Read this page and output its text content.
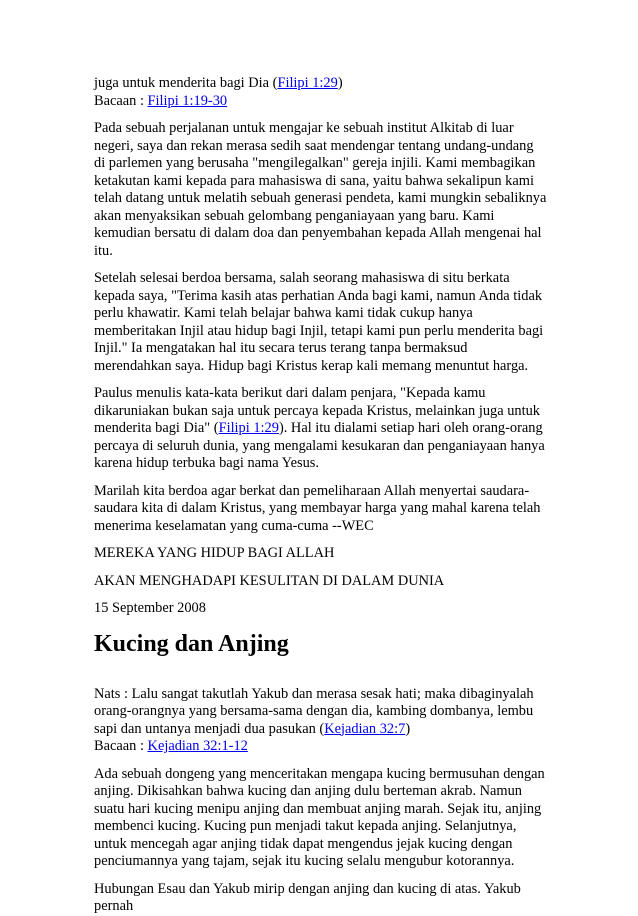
juga untuk menderita bagi Dia (Filipi 1:29)

Bacaan : Filipi 1:19-30

Pada sebuah perjalanan untuk mengajar ke sebuah institut Alkitab di luar negeri, saya dan rekan merasa sedih saat mendengar tentang undang-undang di parlemen yang berusaha "mengilegalkan" gereja injili. Kami membagikan ketakutan kami kepada para mahasiswa di sana, yaitu bahwa sekalipun kami telah datang untuk melatih sebuah generasi pendeta, kami mungkin sebaliknya akan menyaksikan sebuah gelombang penganiayaan yang baru. Kami kemudian bersatu di dalam doa dan penyembahan kepada Allah mengenai hal itu.

Setelah selesai berdoa bersama, salah seorang mahasiswa di situ berkata kepada saya, "Terima kasih atas perhatian Anda bagi kami, namun Anda tidak perlu khawatir. Kami telah belajar bahwa kami tidak cukup hanya memberitakan Injil atau hidup bagi Injil, tetapi kami pun perlu menderita bagi Injil." Ia mengatakan hal itu secara terus terang tanpa bermaksud merendahkan saya. Hidup bagi Kristus kerap kali memang menuntut harga.

Paulus menulis kata-kata berikut dari dalam penjara, "Kepada kamu dikaruniakan bukan saja untuk percaya kepada Kristus, melainkan juga untuk menderita bagi Dia" (Filipi 1:29). Hal itu dialami setiap hari oleh orang-orang percaya di seluruh dunia, yang mengalami kesukaran dan penganiayaan hanya karena hidup terbuka bagi nama Yesus.

Marilah kita berdoa agar berkat dan pemeliharaan Allah menyertai saudara-saudara kita di dalam Kristus, yang membayar harga yang mahal karena telah menerima keselamatan yang cuma-cuma --WEC

MEREKA YANG HIDUP BAGI ALLAH

AKAN MENGHADAPI KESULITAN DI DALAM DUNIA

15 September 2008

Kucing dan Anjing

Nats : Lalu sangat takutlah Yakub dan merasa sesak hati; maka dibaginyalah orang-orangnya yang bersama-sama dengan dia, kambing dombanya, lembu sapi dan untanya menjadi dua pasukan (Kejadian 32:7)

Bacaan : Kejadian 32:1-12

Ada sebuah dongeng yang menceritakan mengapa kucing bermusuhan dengan anjing. Dikisahkan bahwa kucing dan anjing dulu berteman akrab. Namun suatu hari kucing menipu anjing dan membuat anjing marah. Sejak itu, anjing membenci kucing. Kucing pun menjadi takut kepada anjing. Selanjutnya, untuk mencegah agar anjing tidak dapat mengendus jejak kucing dengan penciumannya yang tajam, sejak itu kucing selalu mengubur kotorannya.

Hubungan Esau dan Yakub mirip dengan anjing dan kucing di atas. Yakub pernah
